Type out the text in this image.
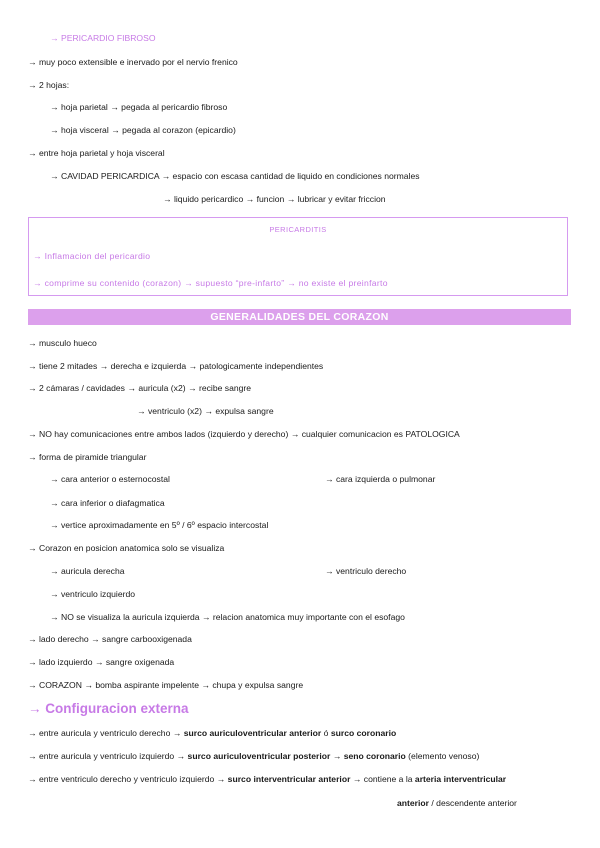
→ PERICARDIO FIBROSO
→ muy poco extensible e inervado por el nervio frenico
→ 2 hojas:
→ hoja parietal → pegada al pericardio fibroso
→ hoja visceral → pegada al corazon (epicardio)
→ entre hoja parietal y hoja visceral
→ CAVIDAD PERICARDICA → espacio con escasa cantidad de liquido en condiciones normales
→ liquido pericardico → funcion → lubricar y evitar friccion
PERICARDITIS
→ Inflamacion del pericardio
→ comprime su contenido (corazon) → supuesto “pre-infarto” → no existe el preinfarto
GENERALIDADES DEL CORAZON
→ musculo hueco
→ tiene 2 mitades → derecha e izquierda → patologicamente independientes
→ 2 cámaras / cavidades → auricula (x2) → recibe sangre
→ ventriculo (x2) → expulsa sangre
→ NO hay comunicaciones entre ambos lados (izquierdo y derecho) → cualquier comunicacion es PATOLOGICA
→ forma de piramide triangular
→ cara anterior o esternocostal	→ cara izquierda o pulmonar
→ cara inferior o diafagmatica
→ vertice aproximadamente en 5º / 6º espacio intercostal
→ Corazon en posicion anatomica solo se visualiza
→ auricula derecha	→ ventriculo derecho
→ ventriculo izquierdo
→ NO se visualiza la auricula izquierda → relacion anatomica muy importante con el esofago
→ lado derecho → sangre carbooxigenada
→ lado izquierdo → sangre oxigenada
→ CORAZON → bomba aspirante impelente → chupa y expulsa sangre
→ Configuracion externa
→ entre auricula y ventriculo derecho → surco auriculoventricular anterior ó surco coronario
→ entre auricula y ventriculo izquierdo → surco auriculoventricular posterior → seno coronario (elemento venoso)
→ entre ventriculo derecho y ventriculo izquierdo → surco interventricular anterior → contiene a la arteria interventricular
anterior / descendente anterior
